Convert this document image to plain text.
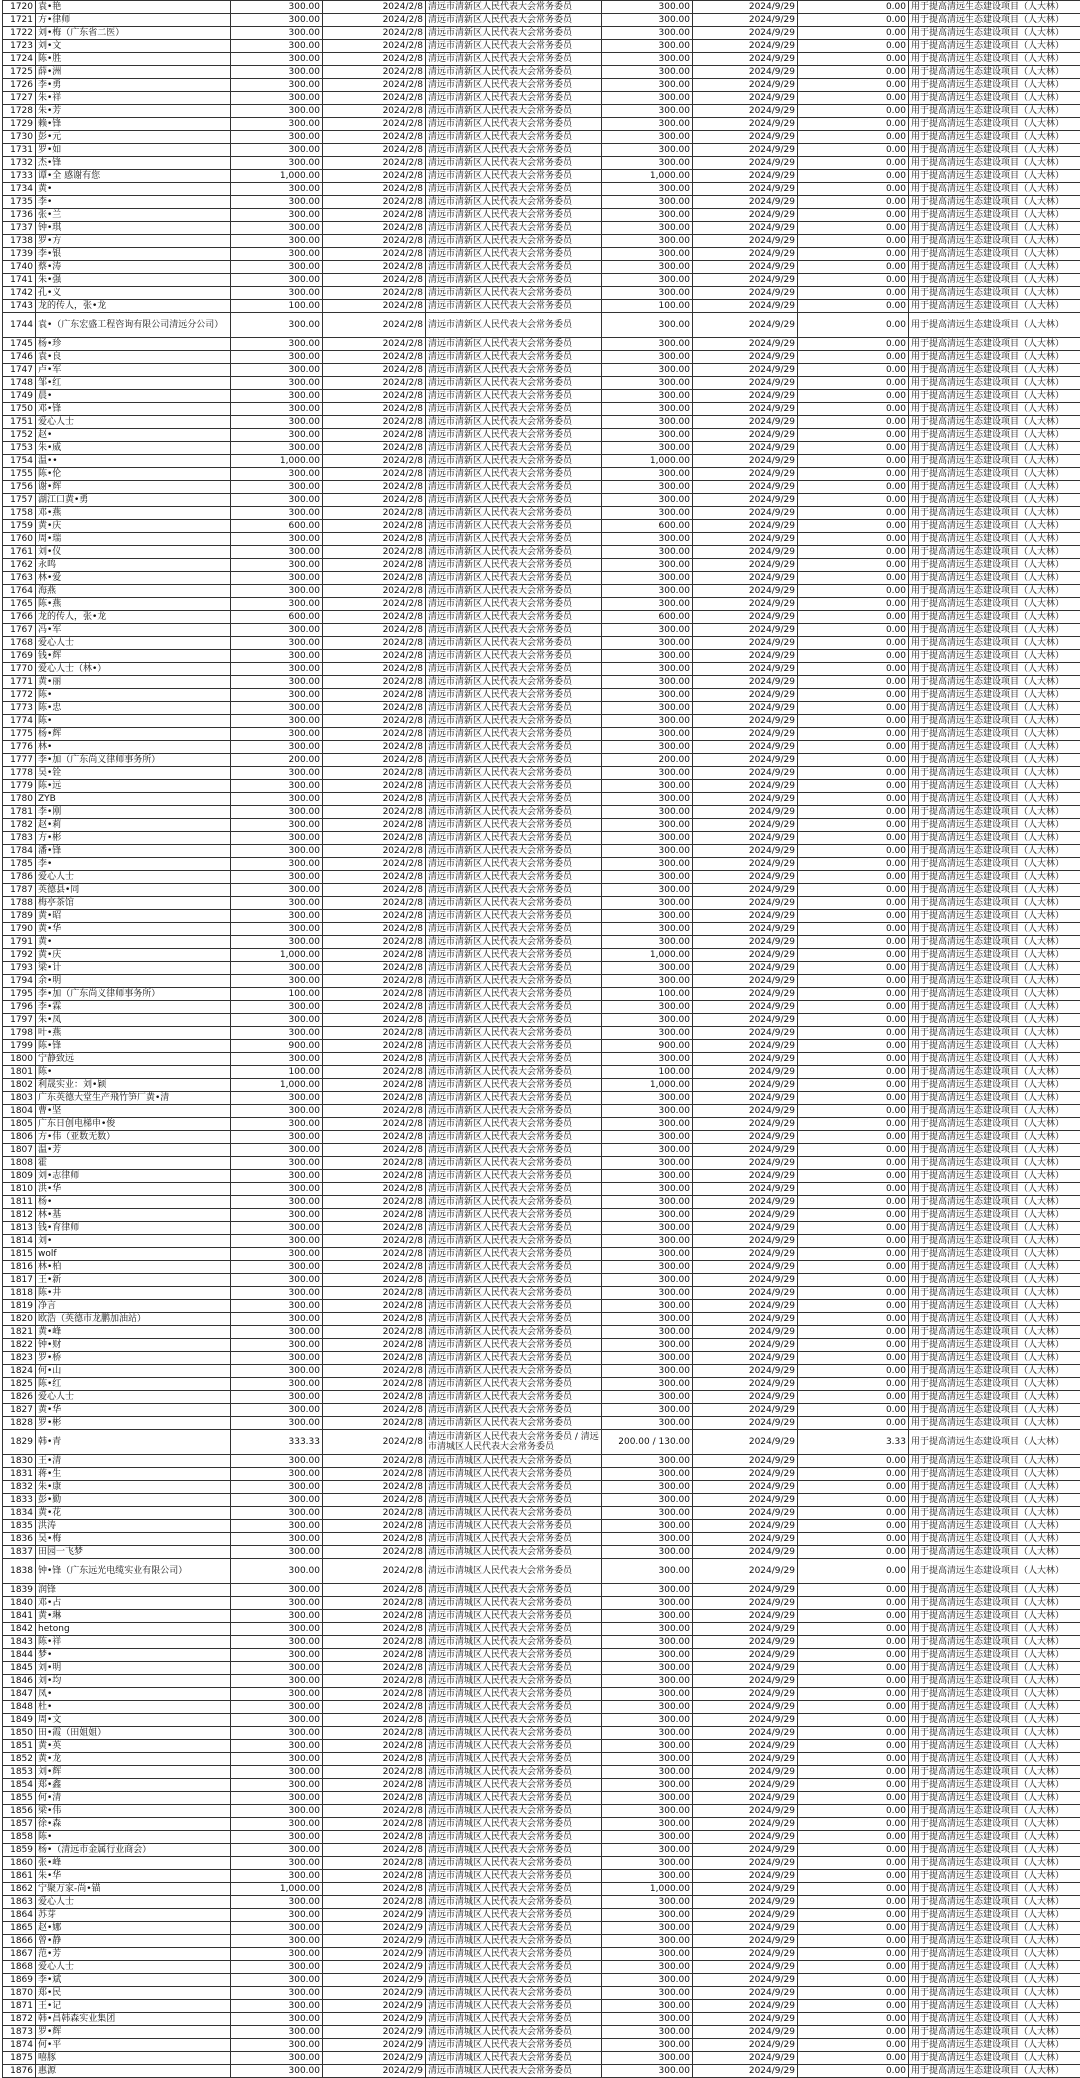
1720	袁•艳	300.00	2024/2/8	清远市清新区人民代表大会常务委员	300.00	2024/9/29	0.00	用于提高清远生态建设项目（人大林）
1721	方•律师	300.00	2024/2/8	清远市清新区人民代表大会常务委员	300.00	2024/9/29	0.00	用于提高清远生态建设项目（人大林）
1722	刘•梅（广东省二医）	300.00	2024/2/8	清远市清新区人民代表大会常务委员	300.00	2024/9/29	0.00	用于提高清远生态建设项目（人大林）
1723	刘•文	300.00	2024/2/8	清远市清新区人民代表大会常务委员	300.00	2024/9/29	0.00	用于提高清远生态建设项目（人大林）
1724	陈•胜	300.00	2024/2/8	清远市清新区人民代表大会常务委员	300.00	2024/9/29	0.00	用于提高清远生态建设项目（人大林）
1725	薛•洲	300.00	2024/2/8	清远市清新区人民代表大会常务委员	300.00	2024/9/29	0.00	用于提高清远生态建设项目（人大林）
1726	李•勇	300.00	2024/2/8	清远市清新区人民代表大会常务委员	300.00	2024/9/29	0.00	用于提高清远生态建设项目（人大林）
1727	朱•祥	300.00	2024/2/8	清远市清新区人民代表大会常务委员	300.00	2024/9/29	0.00	用于提高清远生态建设项目（人大林）
1728	朱•芳	300.00	2024/2/8	清远市清新区人民代表大会常务委员	300.00	2024/9/29	0.00	用于提高清远生态建设项目（人大林）
1729	赖•锋	300.00	2024/2/8	清远市清新区人民代表大会常务委员	300.00	2024/9/29	0.00	用于提高清远生态建设项目（人大林）
1730	彭•元	300.00	2024/2/8	清远市清新区人民代表大会常务委员	300.00	2024/9/29	0.00	用于提高清远生态建设项目（人大林）
1731	罗•如	300.00	2024/2/8	清远市清新区人民代表大会常务委员	300.00	2024/9/29	0.00	用于提高清远生态建设项目（人大林）
1732	杰•锋	300.00	2024/2/8	清远市清新区人民代表大会常务委员	300.00	2024/9/29	0.00	用于提高清远生态建设项目（人大林）
1733	谭•全 感谢有您	1,000.00	2024/2/8	清远市清新区人民代表大会常务委员	1,000.00	2024/9/29	0.00	用于提高清远生态建设项目（人大林）
1734	黄•	300.00	2024/2/8	清远市清新区人民代表大会常务委员	300.00	2024/9/29	0.00	用于提高清远生态建设项目（人大林）
1735	李•	300.00	2024/2/8	清远市清新区人民代表大会常务委员	300.00	2024/9/29	0.00	用于提高清远生态建设项目（人大林）
1736	张•兰	300.00	2024/2/8	清远市清新区人民代表大会常务委员	300.00	2024/9/29	0.00	用于提高清远生态建设项目（人大林）
1737	钟•琪	300.00	2024/2/8	清远市清新区人民代表大会常务委员	300.00	2024/9/29	0.00	用于提高清远生态建设项目（人大林）
1738	罗•方	300.00	2024/2/8	清远市清新区人民代表大会常务委员	300.00	2024/9/29	0.00	用于提高清远生态建设项目（人大林）
1739	李•银	300.00	2024/2/8	清远市清新区人民代表大会常务委员	300.00	2024/9/29	0.00	用于提高清远生态建设项目（人大林）
1740	蔡•涛	300.00	2024/2/8	清远市清新区人民代表大会常务委员	300.00	2024/9/29	0.00	用于提高清远生态建设项目（人大林）
1741	朱•强	300.00	2024/2/8	清远市清新区人民代表大会常务委员	300.00	2024/9/29	0.00	用于提高清远生态建设项目（人大林）
1742	孔•义	300.00	2024/2/8	清远市清新区人民代表大会常务委员	300.00	2024/9/29	0.00	用于提高清远生态建设项目（人大林）
1743	龙的传人，张•龙	100.00	2024/2/8	清远市清新区人民代表大会常务委员	100.00	2024/9/29	0.00	用于提高清远生态建设项目（人大林）
1744	袁•（广东宏盛工程咨询有限公司清远分公司）	300.00	2024/2/8	清远市清新区人民代表大会常务委员	300.00	2024/9/29	0.00	用于提高清远生态建设项目（人大林）
1745	杨•珍	300.00	2024/2/8	清远市清新区人民代表大会常务委员	300.00	2024/9/29	0.00	用于提高清远生态建设项目（人大林）
1746	袁•良	300.00	2024/2/8	清远市清新区人民代表大会常务委员	300.00	2024/9/29	0.00	用于提高清远生态建设项目（人大林）
1747	卢•军	300.00	2024/2/8	清远市清新区人民代表大会常务委员	300.00	2024/9/29	0.00	用于提高清远生态建设项目（人大林）
1748	邹•红	300.00	2024/2/8	清远市清新区人民代表大会常务委员	300.00	2024/9/29	0.00	用于提高清远生态建设项目（人大林）
1749	晨•	300.00	2024/2/8	清远市清新区人民代表大会常务委员	300.00	2024/9/29	0.00	用于提高清远生态建设项目（人大林）
1750	邓•锋	300.00	2024/2/8	清远市清新区人民代表大会常务委员	300.00	2024/9/29	0.00	用于提高清远生态建设项目（人大林）
1751	爱心人士	300.00	2024/2/8	清远市清新区人民代表大会常务委员	300.00	2024/9/29	0.00	用于提高清远生态建设项目（人大林）
1752	赵•	300.00	2024/2/8	清远市清新区人民代表大会常务委员	300.00	2024/9/29	0.00	用于提高清远生态建设项目（人大林）
1753	朱•威	300.00	2024/2/8	清远市清新区人民代表大会常务委员	300.00	2024/9/29	0.00	用于提高清远生态建设项目（人大林）
1754	温••	1,000.00	2024/2/8	清远市清新区人民代表大会常务委员	1,000.00	2024/9/29	0.00	用于提高清远生态建设项目（人大林）
1755	陈•伦	300.00	2024/2/8	清远市清新区人民代表大会常务委员	300.00	2024/9/29	0.00	用于提高清远生态建设项目（人大林）
1756	谢•辉	300.00	2024/2/8	清远市清新区人民代表大会常务委员	300.00	2024/9/29	0.00	用于提高清远生态建设项目（人大林）
1757	湖江口黄•勇	300.00	2024/2/8	清远市清新区人民代表大会常务委员	300.00	2024/9/29	0.00	用于提高清远生态建设项目（人大林）
1758	邓•燕	300.00	2024/2/8	清远市清新区人民代表大会常务委员	300.00	2024/9/29	0.00	用于提高清远生态建设项目（人大林）
1759	黄•庆	600.00	2024/2/8	清远市清新区人民代表大会常务委员	600.00	2024/9/29	0.00	用于提高清远生态建设项目（人大林）
1760	周•瑞	300.00	2024/2/8	清远市清新区人民代表大会常务委员	300.00	2024/9/29	0.00	用于提高清远生态建设项目（人大林）
1761	刘•仪	300.00	2024/2/8	清远市清新区人民代表大会常务委员	300.00	2024/9/29	0.00	用于提高清远生态建设项目（人大林）
1762	永鸣	300.00	2024/2/8	清远市清新区人民代表大会常务委员	300.00	2024/9/29	0.00	用于提高清远生态建设项目（人大林）
1763	林•爱	300.00	2024/2/8	清远市清新区人民代表大会常务委员	300.00	2024/9/29	0.00	用于提高清远生态建设项目（人大林）
1764	海燕	300.00	2024/2/8	清远市清新区人民代表大会常务委员	300.00	2024/9/29	0.00	用于提高清远生态建设项目（人大林）
1765	陈•燕	300.00	2024/2/8	清远市清新区人民代表大会常务委员	300.00	2024/9/29	0.00	用于提高清远生态建设项目（人大林）
1766	龙的传人，张•龙	600.00	2024/2/8	清远市清新区人民代表大会常务委员	600.00	2024/9/29	0.00	用于提高清远生态建设项目（人大林）
1767	冯•军	300.00	2024/2/8	清远市清新区人民代表大会常务委员	300.00	2024/9/29	0.00	用于提高清远生态建设项目（人大林）
1768	爱心人士	300.00	2024/2/8	清远市清新区人民代表大会常务委员	300.00	2024/9/29	0.00	用于提高清远生态建设项目（人大林）
1769	钱•辉	300.00	2024/2/8	清远市清新区人民代表大会常务委员	300.00	2024/9/29	0.00	用于提高清远生态建设项目（人大林）
1770	爱心人士（林•）	300.00	2024/2/8	清远市清新区人民代表大会常务委员	300.00	2024/9/29	0.00	用于提高清远生态建设项目（人大林）
1771	黄•丽	300.00	2024/2/8	清远市清新区人民代表大会常务委员	300.00	2024/9/29	0.00	用于提高清远生态建设项目（人大林）
1772	陈•	300.00	2024/2/8	清远市清新区人民代表大会常务委员	300.00	2024/9/29	0.00	用于提高清远生态建设项目（人大林）
1773	陈•忠	300.00	2024/2/8	清远市清新区人民代表大会常务委员	300.00	2024/9/29	0.00	用于提高清远生态建设项目（人大林）
1774	陈•	300.00	2024/2/8	清远市清新区人民代表大会常务委员	300.00	2024/9/29	0.00	用于提高清远生态建设项目（人大林）
1775	杨•辉	300.00	2024/2/8	清远市清新区人民代表大会常务委员	300.00	2024/9/29	0.00	用于提高清远生态建设项目（人大林）
1776	林•	300.00	2024/2/8	清远市清新区人民代表大会常务委员	300.00	2024/9/29	0.00	用于提高清远生态建设项目（人大林）
1777	李•加（广东尚义律师事务所）	200.00	2024/2/8	清远市清新区人民代表大会常务委员	200.00	2024/9/29	0.00	用于提高清远生态建设项目（人大林）
1778	吴•铨	300.00	2024/2/8	清远市清新区人民代表大会常务委员	300.00	2024/9/29	0.00	用于提高清远生态建设项目（人大林）
1779	陈•远	300.00	2024/2/8	清远市清新区人民代表大会常务委员	300.00	2024/9/29	0.00	用于提高清远生态建设项目（人大林）
1780	ZYB	300.00	2024/2/8	清远市清新区人民代表大会常务委员	300.00	2024/9/29	0.00	用于提高清远生态建设项目（人大林）
1781	李•刚	300.00	2024/2/8	清远市清新区人民代表大会常务委员	300.00	2024/9/29	0.00	用于提高清远生态建设项目（人大林）
1782	赵•莉	300.00	2024/2/8	清远市清新区人民代表大会常务委员	300.00	2024/9/29	0.00	用于提高清远生态建设项目（人大林）
1783	方•彬	300.00	2024/2/8	清远市清新区人民代表大会常务委员	300.00	2024/9/29	0.00	用于提高清远生态建设项目（人大林）
1784	潘•锋	300.00	2024/2/8	清远市清新区人民代表大会常务委员	300.00	2024/9/29	0.00	用于提高清远生态建设项目（人大林）
1785	李•	300.00	2024/2/8	清远市清新区人民代表大会常务委员	300.00	2024/9/29	0.00	用于提高清远生态建设项目（人大林）
1786	爱心人士	300.00	2024/2/8	清远市清新区人民代表大会常务委员	300.00	2024/9/29	0.00	用于提高清远生态建设项目（人大林）
1787	英德县•同	300.00	2024/2/8	清远市清新区人民代表大会常务委员	300.00	2024/9/29	0.00	用于提高清远生态建设项目（人大林）
1788	梅亭茶馆	300.00	2024/2/8	清远市清新区人民代表大会常务委员	300.00	2024/9/29	0.00	用于提高清远生态建设项目（人大林）
1789	黄•昭	300.00	2024/2/8	清远市清新区人民代表大会常务委员	300.00	2024/9/29	0.00	用于提高清远生态建设项目（人大林）
1790	黄•华	300.00	2024/2/8	清远市清新区人民代表大会常务委员	300.00	2024/9/29	0.00	用于提高清远生态建设项目（人大林）
1791	黄•	300.00	2024/2/8	清远市清新区人民代表大会常务委员	300.00	2024/9/29	0.00	用于提高清远生态建设项目（人大林）
1792	黄•庆	1,000.00	2024/2/8	清远市清新区人民代表大会常务委员	1,000.00	2024/9/29	0.00	用于提高清远生态建设项目（人大林）
1793	梁•计	300.00	2024/2/8	清远市清新区人民代表大会常务委员	300.00	2024/9/29	0.00	用于提高清远生态建设项目（人大林）
1794	余•明	300.00	2024/2/8	清远市清新区人民代表大会常务委员	300.00	2024/9/29	0.00	用于提高清远生态建设项目（人大林）
1795	李•加（广东尚义律师事务所）	100.00	2024/2/8	清远市清新区人民代表大会常务委员	100.00	2024/9/29	0.00	用于提高清远生态建设项目（人大林）
1796	李•霖	300.00	2024/2/8	清远市清新区人民代表大会常务委员	300.00	2024/9/29	0.00	用于提高清远生态建设项目（人大林）
1797	朱•凤	300.00	2024/2/8	清远市清新区人民代表大会常务委员	300.00	2024/9/29	0.00	用于提高清远生态建设项目（人大林）
1798	叶•燕	300.00	2024/2/8	清远市清新区人民代表大会常务委员	300.00	2024/9/29	0.00	用于提高清远生态建设项目（人大林）
1799	陈•锋	900.00	2024/2/8	清远市清新区人民代表大会常务委员	900.00	2024/9/29	0.00	用于提高清远生态建设项目（人大林）
1800	宁静致远	300.00	2024/2/8	清远市清新区人民代表大会常务委员	300.00	2024/9/29	0.00	用于提高清远生态建设项目（人大林）
1801	陈•	100.00	2024/2/8	清远市清新区人民代表大会常务委员	100.00	2024/9/29	0.00	用于提高清远生态建设项目（人大林）
1802	利晟实业：刘•颖	1,000.00	2024/2/8	清远市清新区人民代表大会常务委员	1,000.00	2024/9/29	0.00	用于提高清远生态建设项目（人大林）
1803	广东英德大堂生产飛竹笋厂黄•清	300.00	2024/2/8	清远市清新区人民代表大会常务委员	300.00	2024/9/29	0.00	用于提高清远生态建设项目（人大林）
1804	曹•坚	300.00	2024/2/8	清远市清新区人民代表大会常务委员	300.00	2024/9/29	0.00	用于提高清远生态建设项目（人大林）
1805	广东日创电梯申•俊	300.00	2024/2/8	清远市清新区人民代表大会常务委员	300.00	2024/9/29	0.00	用于提高清远生态建设项目（人大林）
1806	方•伟（亚数无数）	300.00	2024/2/8	清远市清新区人民代表大会常务委员	300.00	2024/9/29	0.00	用于提高清远生态建设项目（人大林）
1807	温•芳	300.00	2024/2/8	清远市清新区人民代表大会常务委员	300.00	2024/9/29	0.00	用于提高清远生态建设项目（人大林）
1808	霍	300.00	2024/2/8	清远市清新区人民代表大会常务委员	300.00	2024/9/29	0.00	用于提高清远生态建设项目（人大林）
1809	刘•志律师	300.00	2024/2/8	清远市清新区人民代表大会常务委员	300.00	2024/9/29	0.00	用于提高清远生态建设项目（人大林）
1810	洪•华	300.00	2024/2/8	清远市清新区人民代表大会常务委员	300.00	2024/9/29	0.00	用于提高清远生态建设项目（人大林）
1811	杨•	300.00	2024/2/8	清远市清新区人民代表大会常务委员	300.00	2024/9/29	0.00	用于提高清远生态建设项目（人大林）
1812	林•基	300.00	2024/2/8	清远市清新区人民代表大会常务委员	300.00	2024/9/29	0.00	用于提高清远生态建设项目（人大林）
1813	钱•育律师	300.00	2024/2/8	清远市清新区人民代表大会常务委员	300.00	2024/9/29	0.00	用于提高清远生态建设项目（人大林）
1814	刘•	300.00	2024/2/8	清远市清新区人民代表大会常务委员	300.00	2024/9/29	0.00	用于提高清远生态建设项目（人大林）
1815	wolf	300.00	2024/2/8	清远市清新区人民代表大会常务委员	300.00	2024/9/29	0.00	用于提高清远生态建设项目（人大林）
1816	林•柏	300.00	2024/2/8	清远市清新区人民代表大会常务委员	300.00	2024/9/29	0.00	用于提高清远生态建设项目（人大林）
1817	王•新	300.00	2024/2/8	清远市清新区人民代表大会常务委员	300.00	2024/9/29	0.00	用于提高清远生态建设项目（人大林）
1818	陈•井	300.00	2024/2/8	清远市清新区人民代表大会常务委员	300.00	2024/9/29	0.00	用于提高清远生态建设项目（人大林）
1819	净言	300.00	2024/2/8	清远市清新区人民代表大会常务委员	300.00	2024/9/29	0.00	用于提高清远生态建设项目（人大林）
1820	欧浩（英德市龙鹏加油站）	300.00	2024/2/8	清远市清新区人民代表大会常务委员	300.00	2024/9/29	0.00	用于提高清远生态建设项目（人大林）
1821	黄•峰	300.00	2024/2/8	清远市清新区人民代表大会常务委员	300.00	2024/9/29	0.00	用于提高清远生态建设项目（人大林）
1822	钟•财	300.00	2024/2/8	清远市清新区人民代表大会常务委员	300.00	2024/9/29	0.00	用于提高清远生态建设项目（人大林）
1823	罗•桥	300.00	2024/2/8	清远市清新区人民代表大会常务委员	300.00	2024/9/29	0.00	用于提高清远生态建设项目（人大林）
1824	何•山	300.00	2024/2/8	清远市清新区人民代表大会常务委员	300.00	2024/9/29	0.00	用于提高清远生态建设项目（人大林）
1825	陈•红	300.00	2024/2/8	清远市清新区人民代表大会常务委员	300.00	2024/9/29	0.00	用于提高清远生态建设项目（人大林）
1826	爱心人士	300.00	2024/2/8	清远市清新区人民代表大会常务委员	300.00	2024/9/29	0.00	用于提高清远生态建设项目（人大林）
1827	黄•华	300.00	2024/2/8	清远市清新区人民代表大会常务委员	300.00	2024/9/29	0.00	用于提高清远生态建设项目（人大林）
1828	罗•彬	300.00	2024/2/8	清远市清新区人民代表大会常务委员	300.00	2024/9/29	0.00	用于提高清远生态建设项目（人大林）
1829	韩•青	333.33	2024/2/8	清远市清新区人民代表大会常务委员 / 清远市清城区人民代表大会常务委员	200.00 / 130.00	2024/9/29	3.33	用于提高清远生态建设项目（人大林）
1830	王•清	300.00	2024/2/8	清远市清城区人民代表大会常务委员	300.00	2024/9/29	0.00	用于提高清远生态建设项目（人大林）
1831	蒋•生	300.00	2024/2/8	清远市清城区人民代表大会常务委员	300.00	2024/9/29	0.00	用于提高清远生态建设项目（人大林）
1832	朱•康	300.00	2024/2/8	清远市清城区人民代表大会常务委员	300.00	2024/9/29	0.00	用于提高清远生态建设项目（人大林）
1833	彭•勤	300.00	2024/2/8	清远市清城区人民代表大会常务委员	300.00	2024/9/29	0.00	用于提高清远生态建设项目（人大林）
1834	黄•花	300.00	2024/2/8	清远市清城区人民代表大会常务委员	300.00	2024/9/29	0.00	用于提高清远生态建设项目（人大林）
1835	洪涛	300.00	2024/2/8	清远市清城区人民代表大会常务委员	300.00	2024/9/29	0.00	用于提高清远生态建设项目（人大林）
1836	吴•梅	300.00	2024/2/8	清远市清城区人民代表大会常务委员	300.00	2024/9/29	0.00	用于提高清远生态建设项目（人大林）
1837	田园一飞梦	300.00	2024/2/8	清远市清城区人民代表大会常务委员	300.00	2024/9/29	0.00	用于提高清远生态建设项目（人大林）
1838	钟•锋（广东远光电缆实业有限公司）	300.00	2024/2/8	清远市清城区人民代表大会常务委员	300.00	2024/9/29	0.00	用于提高清远生态建设项目（人大林）
1839	润锋	300.00	2024/2/8	清远市清城区人民代表大会常务委员	300.00	2024/9/29	0.00	用于提高清远生态建设项目（人大林）
1840	邓•占	300.00	2024/2/8	清远市清城区人民代表大会常务委员	300.00	2024/9/29	0.00	用于提高清远生态建设项目（人大林）
1841	黄•琳	300.00	2024/2/8	清远市清城区人民代表大会常务委员	300.00	2024/9/29	0.00	用于提高清远生态建设项目（人大林）
1842	hetong	300.00	2024/2/8	清远市清城区人民代表大会常务委员	300.00	2024/9/29	0.00	用于提高清远生态建设项目（人大林）
1843	陈•祥	300.00	2024/2/8	清远市清城区人民代表大会常务委员	300.00	2024/9/29	0.00	用于提高清远生态建设项目（人大林）
1844	梦•	300.00	2024/2/8	清远市清城区人民代表大会常务委员	300.00	2024/9/29	0.00	用于提高清远生态建设项目（人大林）
1845	刘•明	300.00	2024/2/8	清远市清城区人民代表大会常务委员	300.00	2024/9/29	0.00	用于提高清远生态建设项目（人大林）
1846	刘•均	300.00	2024/2/8	清远市清城区人民代表大会常务委员	300.00	2024/9/29	0.00	用于提高清远生态建设项目（人大林）
1847	凤•	300.00	2024/2/8	清远市清城区人民代表大会常务委员	300.00	2024/9/29	0.00	用于提高清远生态建设项目（人大林）
1848	杜•	300.00	2024/2/8	清远市清城区人民代表大会常务委员	300.00	2024/9/29	0.00	用于提高清远生态建设项目（人大林）
1849	周•文	300.00	2024/2/8	清远市清城区人民代表大会常务委员	300.00	2024/9/29	0.00	用于提高清远生态建设项目（人大林）
1850	田•霞（田姐姐）	300.00	2024/2/8	清远市清城区人民代表大会常务委员	300.00	2024/9/29	0.00	用于提高清远生态建设项目（人大林）
1851	黄•英	300.00	2024/2/8	清远市清城区人民代表大会常务委员	300.00	2024/9/29	0.00	用于提高清远生态建设项目（人大林）
1852	黄•龙	300.00	2024/2/8	清远市清城区人民代表大会常务委员	300.00	2024/9/29	0.00	用于提高清远生态建设项目（人大林）
1853	刘•辉	300.00	2024/2/8	清远市清城区人民代表大会常务委员	300.00	2024/9/29	0.00	用于提高清远生态建设项目（人大林）
1854	郑•鑫	300.00	2024/2/8	清远市清城区人民代表大会常务委员	300.00	2024/9/29	0.00	用于提高清远生态建设项目（人大林）
1855	何•清	300.00	2024/2/8	清远市清城区人民代表大会常务委员	300.00	2024/9/29	0.00	用于提高清远生态建设项目（人大林）
1856	梁•伟	300.00	2024/2/8	清远市清城区人民代表大会常务委员	300.00	2024/9/29	0.00	用于提高清远生态建设项目（人大林）
1857	徐•森	300.00	2024/2/8	清远市清城区人民代表大会常务委员	300.00	2024/9/29	0.00	用于提高清远生态建设项目（人大林）
1858	陈•	300.00	2024/2/8	清远市清城区人民代表大会常务委员	300.00	2024/9/29	0.00	用于提高清远生态建设项目（人大林）
1859	杨•（清远市金属行业商会）	300.00	2024/2/8	清远市清城区人民代表大会常务委员	300.00	2024/9/29	0.00	用于提高清远生态建设项目（人大林）
1860	张•峰	300.00	2024/2/8	清远市清城区人民代表大会常务委员	300.00	2024/9/29	0.00	用于提高清远生态建设项目（人大林）
1861	朱•华	300.00	2024/2/8	清远市清城区人民代表大会常务委员	300.00	2024/9/29	0.00	用于提高清远生态建设项目（人大林）
1862	宁聚万家-尚•锚	1,000.00	2024/2/8	清远市清城区人民代表大会常务委员	1,000.00	2024/9/29	0.00	用于提高清远生态建设项目（人大林）
1863	爱心人士	300.00	2024/2/8	清远市清城区人民代表大会常务委员	300.00	2024/9/29	0.00	用于提高清远生态建设项目（人大林）
1864	苏芽	300.00	2024/2/9	清远市清城区人民代表大会常务委员	300.00	2024/9/29	0.00	用于提高清远生态建设项目（人大林）
1865	赵•娜	300.00	2024/2/9	清远市清城区人民代表大会常务委员	300.00	2024/9/29	0.00	用于提高清远生态建设项目（人大林）
1866	曾•静	300.00	2024/2/9	清远市清城区人民代表大会常务委员	300.00	2024/9/29	0.00	用于提高清远生态建设项目（人大林）
1867	范•芳	300.00	2024/2/9	清远市清城区人民代表大会常务委员	300.00	2024/9/29	0.00	用于提高清远生态建设项目（人大林）
1868	爱心人士	300.00	2024/2/9	清远市清城区人民代表大会常务委员	300.00	2024/9/29	0.00	用于提高清远生态建设项目（人大林）
1869	李•斌	300.00	2024/2/9	清远市清城区人民代表大会常务委员	300.00	2024/9/29	0.00	用于提高清远生态建设项目（人大林）
1870	郑•民	300.00	2024/2/9	清远市清城区人民代表大会常务委员	300.00	2024/9/29	0.00	用于提高清远生态建设项目（人大林）
1871	王•记	300.00	2024/2/9	清远市清城区人民代表大会常务委员	300.00	2024/9/29	0.00	用于提高清远生态建设项目（人大林）
1872	韩•昌韩森实业集团	300.00	2024/2/9	清远市清城区人民代表大会常务委员	300.00	2024/9/29	0.00	用于提高清远生态建设项目（人大林）
1873	罗•辉	300.00	2024/2/9	清远市清城区人民代表大会常务委员	300.00	2024/9/29	0.00	用于提高清远生态建设项目（人大林）
1874	何•平	300.00	2024/2/9	清远市清城区人民代表大会常务委员	300.00	2024/9/29	0.00	用于提高清远生态建设项目（人大林）
1875	嘻豚	300.00	2024/2/9	清远市清城区人民代表大会常务委员	300.00	2024/9/29	0.00	用于提高清远生态建设项目（人大林）
1876	惠源	300.00	2024/2/9	清远市清城区人民代表大会常务委员	300.00	2024/9/29	0.00	用于提高清远生态建设项目（人大林）
